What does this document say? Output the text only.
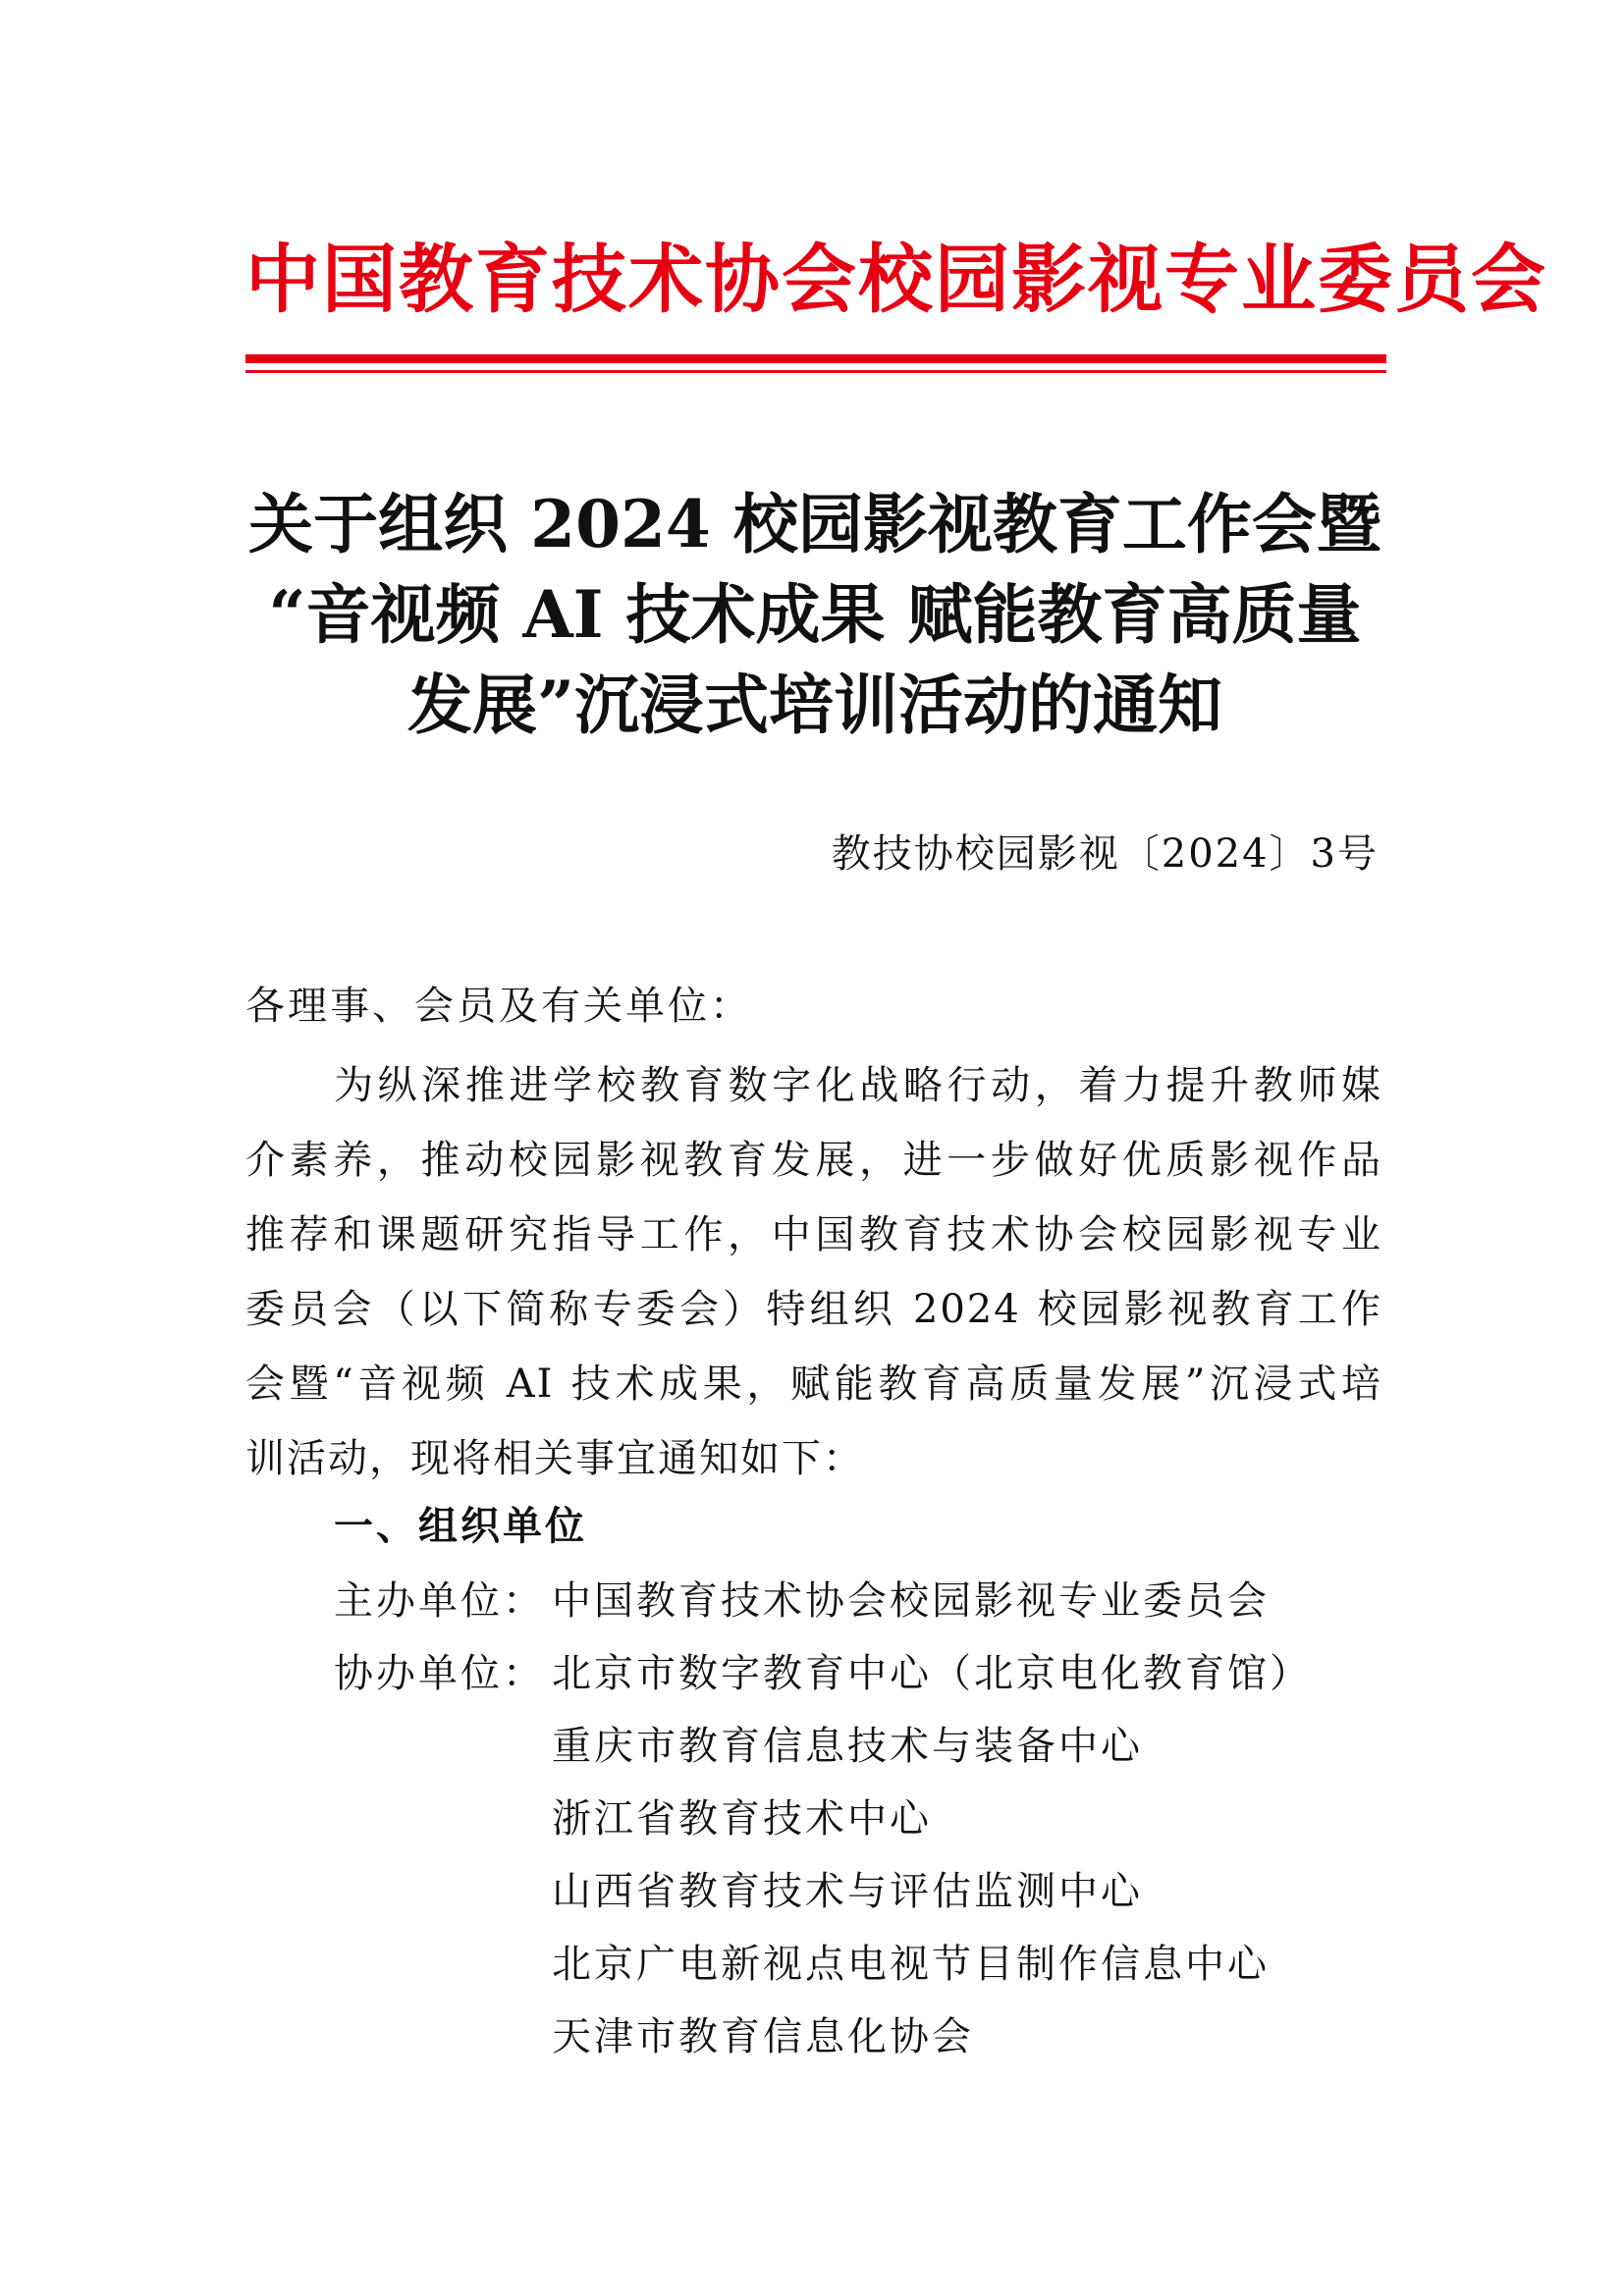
中国教育技术协会校园影视专业委员会
关于组织 2024 校园影视教育工作会暨
“音视频 AI 技术成果 赋能教育高质量
发展”沉浸式培训活动的通知
教技协校园影视〔2024〕3号
各理事、会员及有关单位：
为纵深推进学校教育数字化战略行动，着力提升教师媒
介素养，推动校园影视教育发展，进一步做好优质影视作品
推荐和课题研究指导工作，中国教育技术协会校园影视专业
委员会（以下简称专委会）特组织 2024 校园影视教育工作
会暨“音视频 AI 技术成果，赋能教育高质量发展”沉浸式培
训活动，现将相关事宜通知如下：
一、组织单位
主办单位： 中国教育技术协会校园影视专业委员会
协办单位： 北京市数字教育中心（北京电化教育馆）
重庆市教育信息技术与装备中心
浙江省教育技术中心
山西省教育技术与评估监测中心
北京广电新视点电视节目制作信息中心
天津市教育信息化协会
